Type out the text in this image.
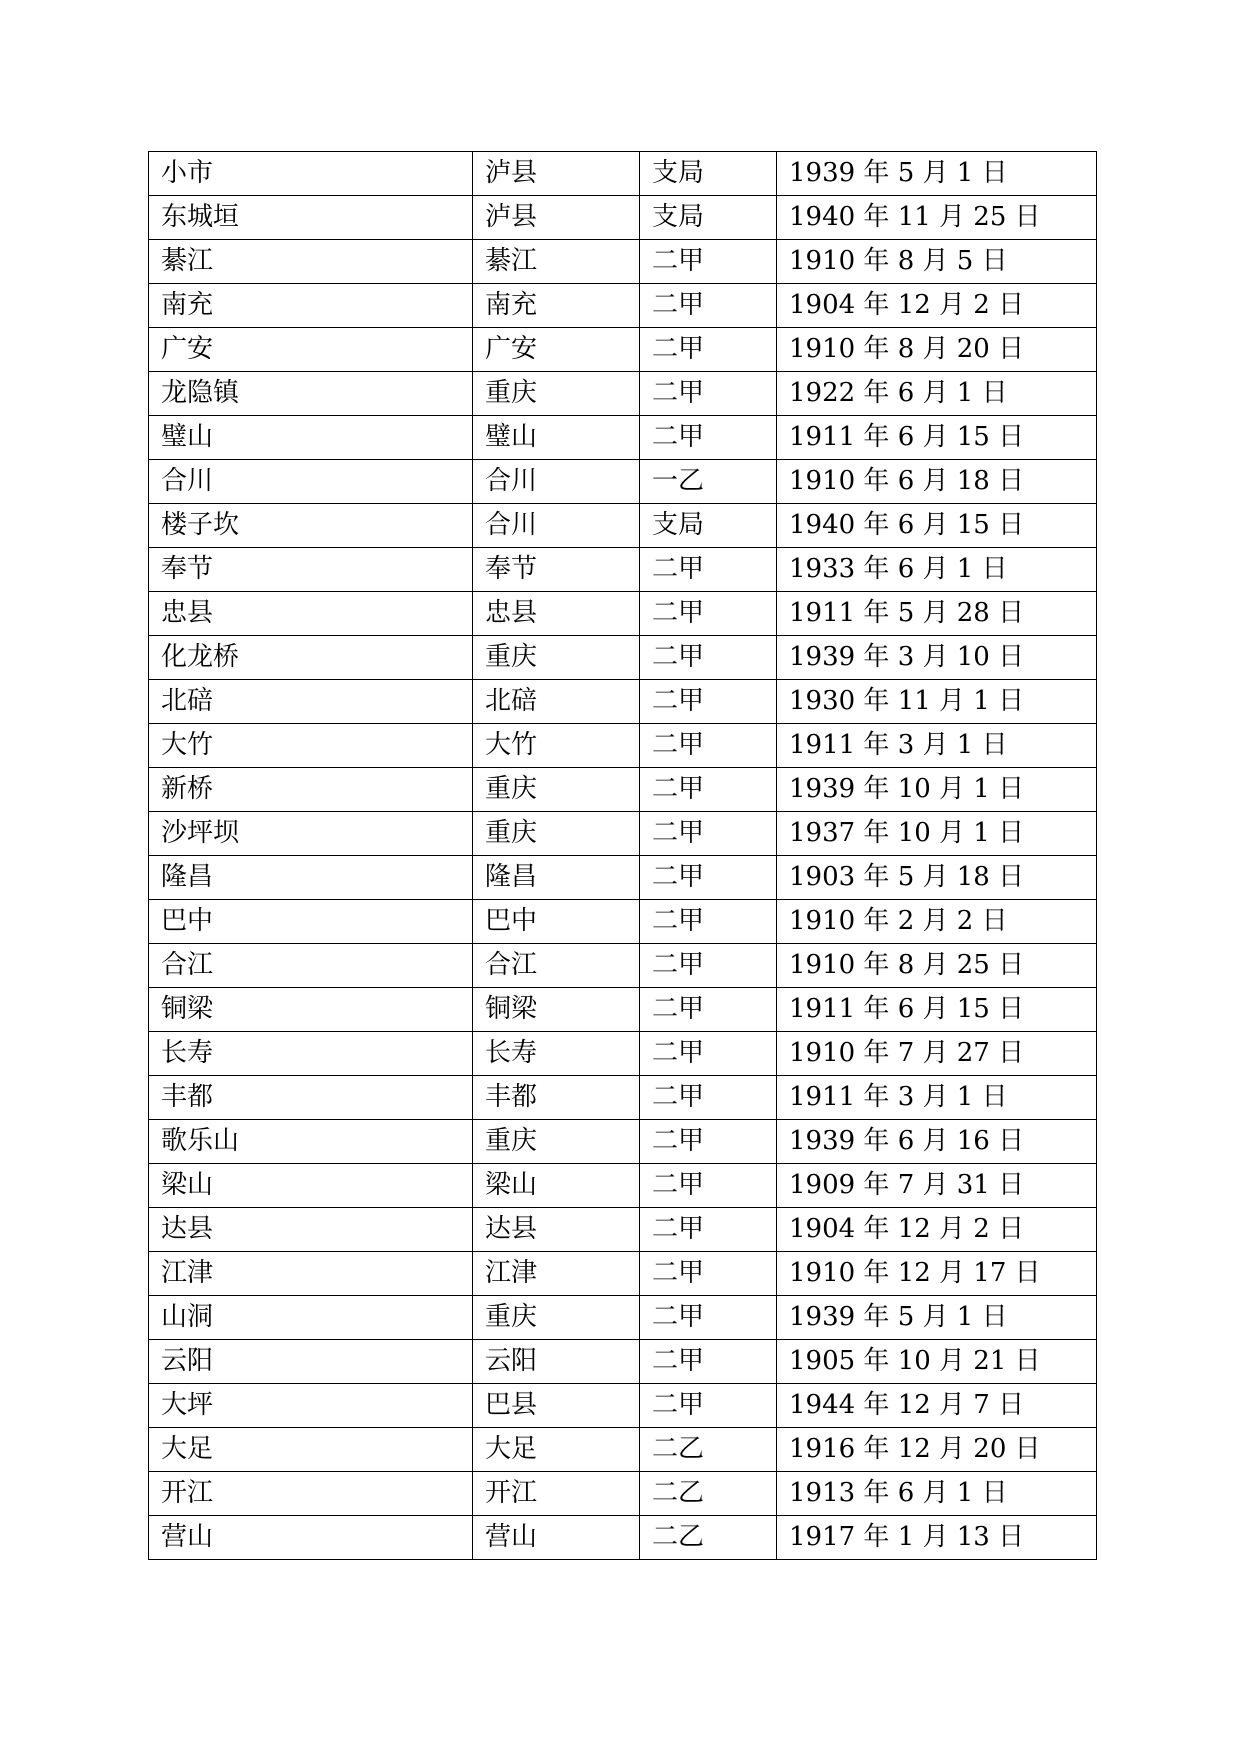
小市	泸县	支局	1939 年 5 月 1 日
东城垣	泸县	支局	1940 年 11 月 25 日
綦江	綦江	二甲	1910 年 8 月 5 日
南充	南充	二甲	1904 年 12 月 2 日
广安	广安	二甲	1910 年 8 月 20 日
龙隐镇	重庆	二甲	1922 年 6 月 1 日
璧山	璧山	二甲	1911 年 6 月 15 日
合川	合川	一乙	1910 年 6 月 18 日
楼子坎	合川	支局	1940 年 6 月 15 日
奉节	奉节	二甲	1933 年 6 月 1 日
忠县	忠县	二甲	1911 年 5 月 28 日
化龙桥	重庆	二甲	1939 年 3 月 10 日
北碚	北碚	二甲	1930 年 11 月 1 日
大竹	大竹	二甲	1911 年 3 月 1 日
新桥	重庆	二甲	1939 年 10 月 1 日
沙坪坝	重庆	二甲	1937 年 10 月 1 日
隆昌	隆昌	二甲	1903 年 5 月 18 日
巴中	巴中	二甲	1910 年 2 月 2 日
合江	合江	二甲	1910 年 8 月 25 日
铜梁	铜梁	二甲	1911 年 6 月 15 日
长寿	长寿	二甲	1910 年 7 月 27 日
丰都	丰都	二甲	1911 年 3 月 1 日
歌乐山	重庆	二甲	1939 年 6 月 16 日
梁山	梁山	二甲	1909 年 7 月 31 日
达县	达县	二甲	1904 年 12 月 2 日
江津	江津	二甲	1910 年 12 月 17 日
山洞	重庆	二甲	1939 年 5 月 1 日
云阳	云阳	二甲	1905 年 10 月 21 日
大坪	巴县	二甲	1944 年 12 月 7 日
大足	大足	二乙	1916 年 12 月 20 日
开江	开江	二乙	1913 年 6 月 1 日
营山	营山	二乙	1917 年 1 月 13 日
